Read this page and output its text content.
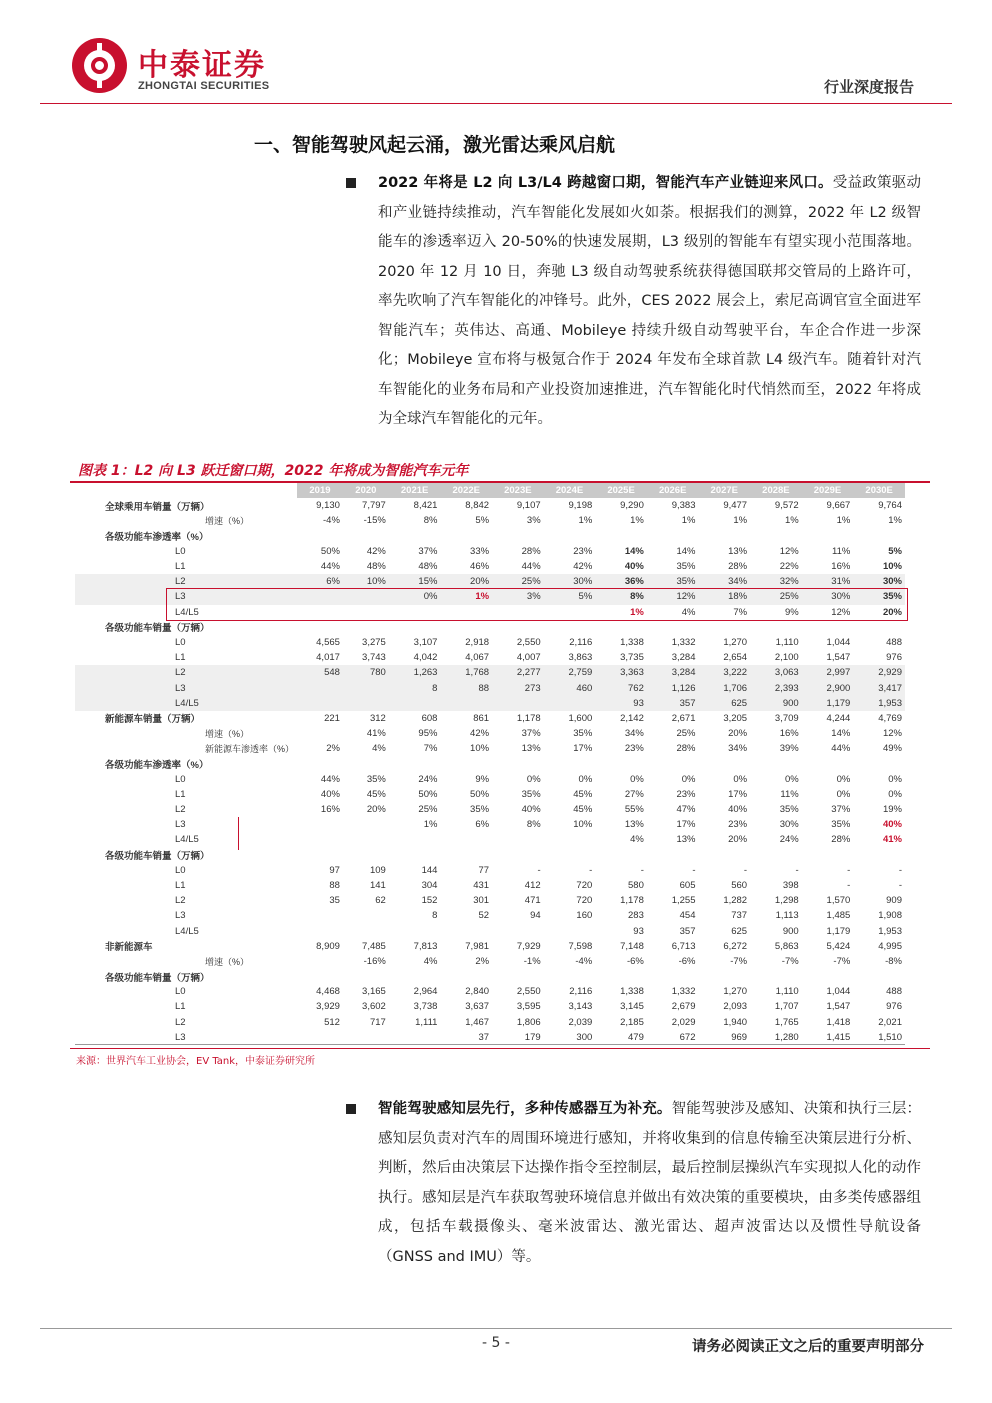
中泰证券
ZHONGTAI SECURITIES	行业深度报告
一、智能驾驶风起云涌，激光雷达乘风启航
2022 年将是 L2 向 L3/L4 跨越窗口期，智能汽车产业链迎来风口。受益政策驱动和产业链持续推动，汽车智能化发展如火如荼。根据我们的测算，2022 年 L2 级智能车的渗透率迈入 20-50%的快速发展期，L3 级别的智能车有望实现小范围落地。2020 年 12 月 10 日，奔驰 L3 级自动驾驶系统获得德国联邦交管局的上路许可，率先吹响了汽车智能化的冲锋号。此外，CES 2022 展会上，索尼高调官宣全面进军智能汽车；英伟达、高通、Mobileye 持续升级自动驾驶平台，车企合作进一步深化；Mobileye 宣布将与极氪合作于 2024 年发布全球首款 L4 级汽车。随着针对汽车智能化的业务布局和产业投资加速推进，汽车智能化时代悄然而至，2022 年将成为全球汽车智能化的元年。
图表 1：L2 向 L3 跃迁窗口期，2022 年将成为智能汽车元年
	2019	2020	2021E	2022E	2023E	2024E	2025E	2026E	2027E	2028E	2029E	2030E
全球乘用车销量（万辆）	9,130	7,797	8,421	8,842	9,107	9,198	9,290	9,383	9,477	9,572	9,667	9,764
增速（%）	-4%	-15%	8%	5%	3%	1%	1%	1%	1%	1%	1%	1%
各级功能车渗透率（%）												
L0	50%	42%	37%	33%	28%	23%	14%	14%	13%	12%	11%	5%
L1	44%	48%	48%	46%	44%	42%	40%	35%	28%	22%	16%	10%
L2	6%	10%	15%	20%	25%	30%	36%	35%	34%	32%	31%	30%
L3			0%	1%	3%	5%	8%	12%	18%	25%	30%	35%
L4/L5							1%	4%	7%	9%	12%	20%
各级功能车销量（万辆）												
L0	4,565	3,275	3,107	2,918	2,550	2,116	1,338	1,332	1,270	1,110	1,044	488
L1	4,017	3,743	4,042	4,067	4,007	3,863	3,735	3,284	2,654	2,100	1,547	976
L2	548	780	1,263	1,768	2,277	2,759	3,363	3,284	3,222	3,063	2,997	2,929
L3			8	88	273	460	762	1,126	1,706	2,393	2,900	3,417
L4/L5							93	357	625	900	1,179	1,953
新能源车销量（万辆）	221	312	608	861	1,178	1,600	2,142	2,671	3,205	3,709	4,244	4,769
增速（%）		41%	95%	42%	37%	35%	34%	25%	20%	16%	14%	12%
新能源车渗透率（%）	2%	4%	7%	10%	13%	17%	23%	28%	34%	39%	44%	49%
各级功能车渗透率（%）												
L0	44%	35%	24%	9%	0%	0%	0%	0%	0%	0%	0%	0%
L1	40%	45%	50%	50%	35%	45%	27%	23%	17%	11%	0%	0%
L2	16%	20%	25%	35%	40%	45%	55%	47%	40%	35%	37%	19%
L3			1%	6%	8%	10%	13%	17%	23%	30%	35%	40%
L4/L5							4%	13%	20%	24%	28%	41%
各级功能车销量（万辆）												
L0	97	109	144	77	-	-	-	-	-	-	-	-
L1	88	141	304	431	412	720	580	605	560	398	-	-
L2	35	62	152	301	471	720	1,178	1,255	1,282	1,298	1,570	909
L3			8	52	94	160	283	454	737	1,113	1,485	1,908
L4/L5							93	357	625	900	1,179	1,953
非新能源车	8,909	7,485	7,813	7,981	7,929	7,598	7,148	6,713	6,272	5,863	5,424	4,995
增速（%）		-16%	4%	2%	-1%	-4%	-6%	-6%	-7%	-7%	-7%	-8%
各级功能车销量（万辆）												
L0	4,468	3,165	2,964	2,840	2,550	2,116	1,338	1,332	1,270	1,110	1,044	488
L1	3,929	3,602	3,738	3,637	3,595	3,143	3,145	2,679	2,093	1,707	1,547	976
L2	512	717	1,111	1,467	1,806	2,039	2,185	2,029	1,940	1,765	1,418	2,021
L3				37	179	300	479	672	969	1,280	1,415	1,510
来源：世界汽车工业协会，EV Tank，中泰证券研究所
智能驾驶感知层先行，多种传感器互为补充。智能驾驶涉及感知、决策和执行三层：感知层负责对汽车的周围环境进行感知，并将收集到的信息传输至决策层进行分析、判断，然后由决策层下达操作指令至控制层，最后控制层操纵汽车实现拟人化的动作执行。感知层是汽车获取驾驶环境信息并做出有效决策的重要模块，由多类传感器组成，包括车载摄像头、毫米波雷达、激光雷达、超声波雷达以及惯性导航设备（GNSS and IMU）等。
- 5 -	请务必阅读正文之后的重要声明部分
